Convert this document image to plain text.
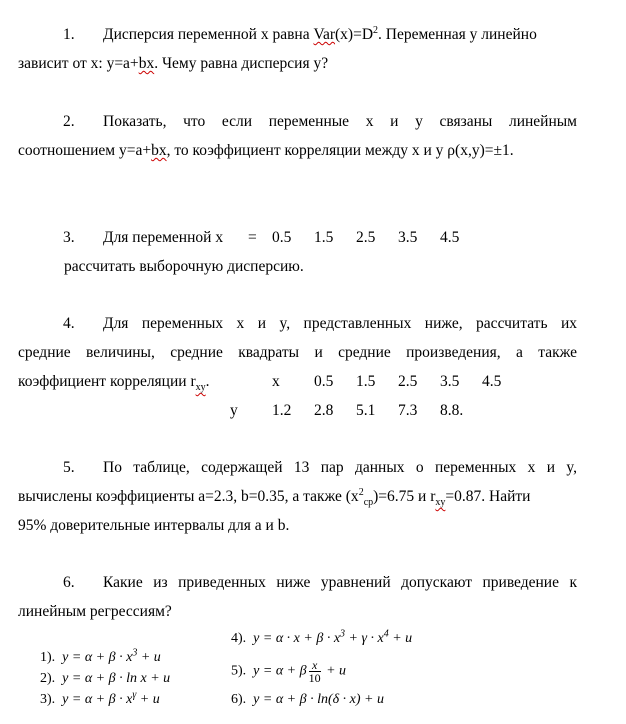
1. Дисперсия переменной x равна $Var(x)=D^2$. Переменная у линейно
зависит от x: y=a+bx. Чему равна дисперсия у?
2. Показать, что если переменные x и y связаны линейным
соотношением y=a+bx, то коэффициент корреляции между x и y ρ(x,y)=±1.
3. Для переменной x = 0.5 1.5 2.5 3.5 4.5
рассчитать выборочную дисперсию.
4. Для переменных x и y, представленных ниже, рассчитать их
средние величины, средние квадраты и средние произведения, а также
коэффициент корреляции $r_{xy}$.	x 0.5 1.5 2.5 3.5 4.5
y 1.2 2.8 5.1 7.3 8.8.
5. По таблице, содержащей 13 пар данных о переменных x и y,
вычислены коэффициенты a=2.3, b=0.35, а также $(x^2_{ср})=6.75$ и $r_{xy}=0.87$. Найти
95% доверительные интервалы для a и b.
6. Какие из приведенных ниже уравнений допускают приведение к
линейным регрессиям?
1). $y = \alpha + \beta \cdot x^3 + u$
2). y = α + β · ln x + u
3). $y = \alpha + \beta \cdot x^\gamma + u$
4). $y = \alpha \cdot x + \beta \cdot x^3 + \gamma \cdot x^4 + u$
5). y = α + β $\frac{x}{10} + u$
6). y = α + β · ln(δ · x) + u
